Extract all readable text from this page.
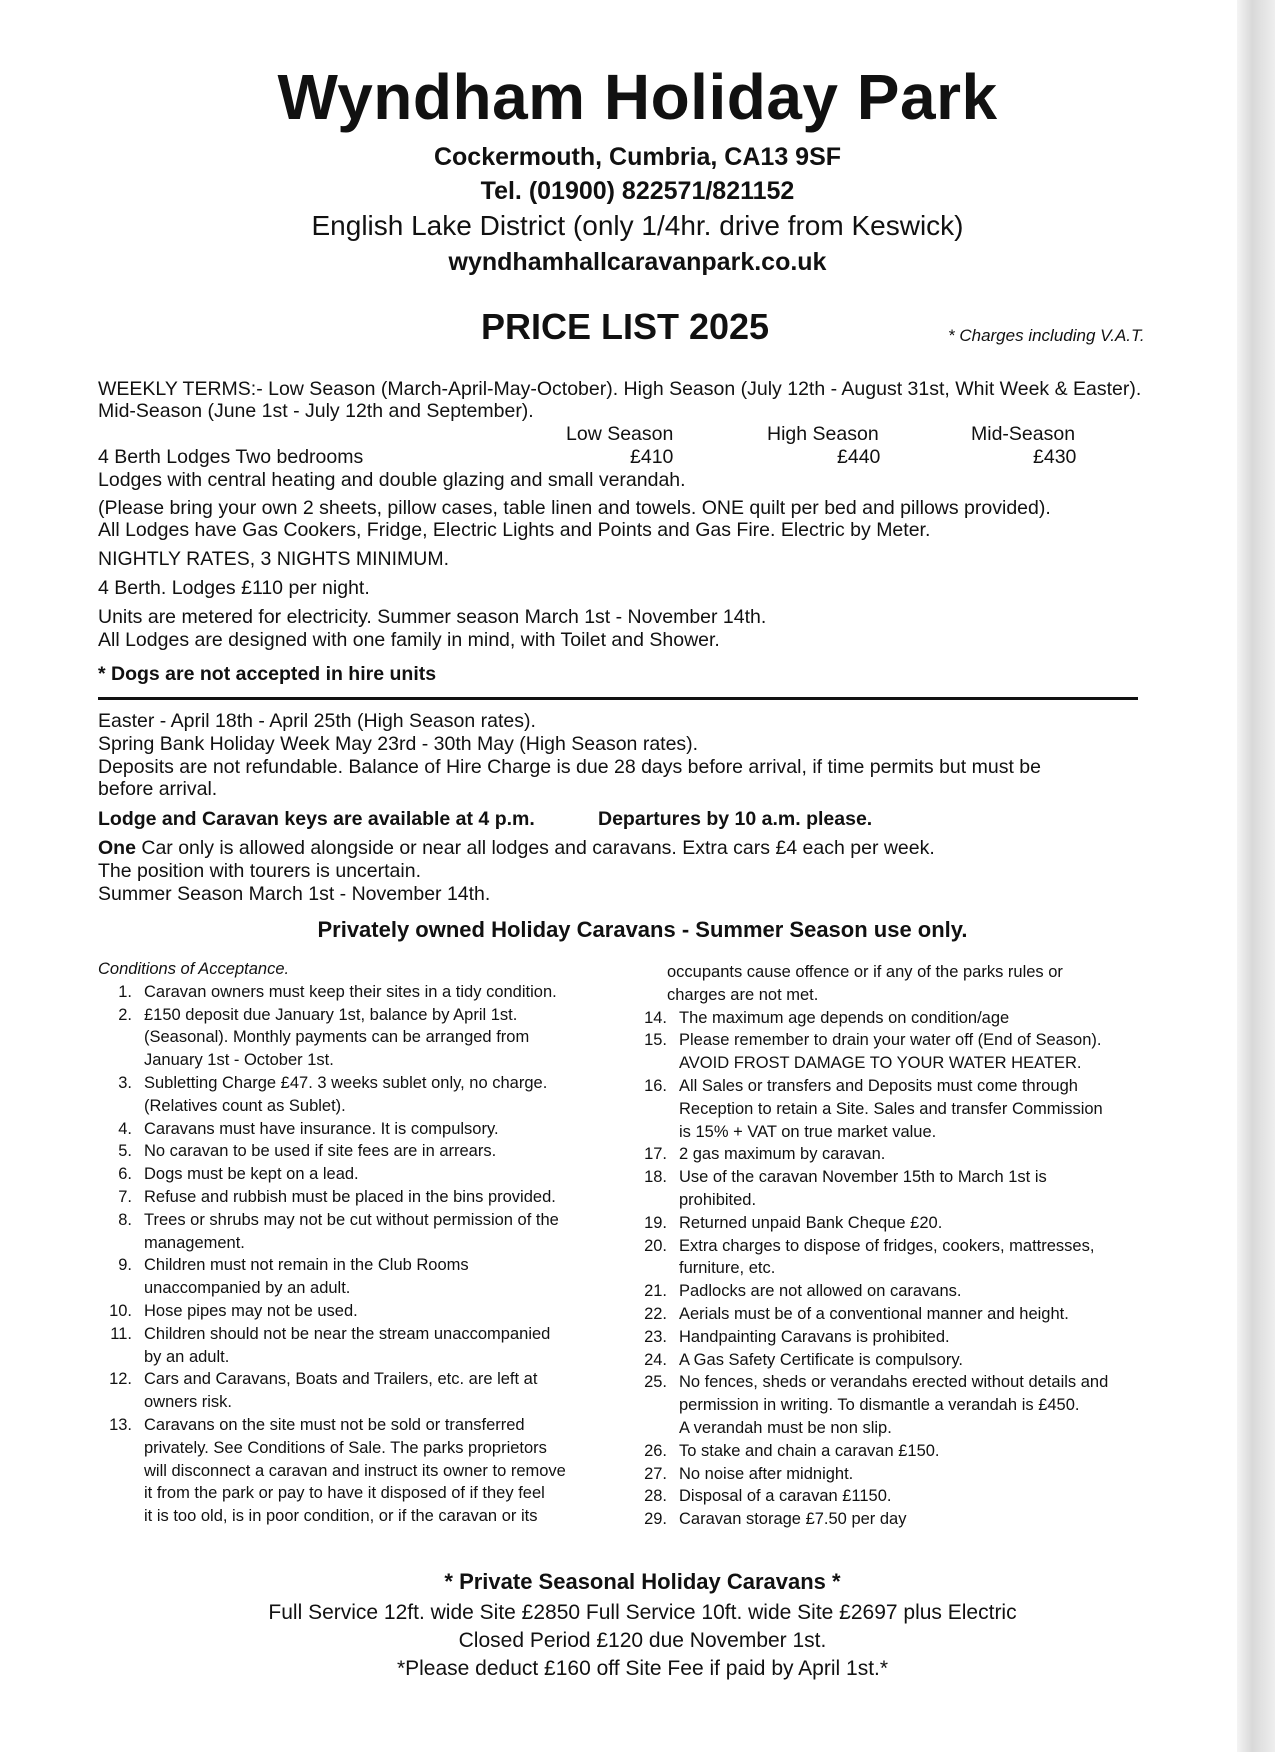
Wyndham Holiday Park
Cockermouth, Cumbria, CA13 9SF
Tel. (01900) 822571/821152
English Lake District (only 1/4hr. drive from Keswick)
wyndhamhallcaravanpark.co.uk
PRICE LIST 2025	* Charges including V.A.T.
WEEKLY TERMS:- Low Season (March-April-May-October). High Season (July 12th - August 31st, Whit Week & Easter).
Mid-Season (June 1st - July 12th and September).
Low Season	High Season	Mid-Season
4 Berth Lodges Two bedrooms	£410	£440	£430
Lodges with central heating and double glazing and small verandah.
(Please bring your own 2 sheets, pillow cases, table linen and towels. ONE quilt per bed and pillows provided).
All Lodges have Gas Cookers, Fridge, Electric Lights and Points and Gas Fire. Electric by Meter.
NIGHTLY RATES, 3 NIGHTS MINIMUM.
4 Berth. Lodges £110 per night.
Units are metered for electricity. Summer season March 1st - November 14th.
All Lodges are designed with one family in mind, with Toilet and Shower.
* Dogs are not accepted in hire units
Easter - April 18th - April 25th (High Season rates).
Spring Bank Holiday Week May 23rd - 30th May (High Season rates).
Deposits are not refundable. Balance of Hire Charge is due 28 days before arrival, if time permits but must be
before arrival.
Lodge and Caravan keys are available at 4 p.m.	Departures by 10 a.m. please.
One Car only is allowed alongside or near all lodges and caravans. Extra cars £4 each per week.
The position with tourers is uncertain.
Summer Season March 1st - November 14th.
Privately owned Holiday Caravans - Summer Season use only.
Conditions of Acceptance.
1. Caravan owners must keep their sites in a tidy condition.
2. £150 deposit due January 1st, balance by April 1st.
(Seasonal). Monthly payments can be arranged from
January 1st - October 1st.
3. Subletting Charge £47. 3 weeks sublet only, no charge.
(Relatives count as Sublet).
4. Caravans must have insurance. It is compulsory.
5. No caravan to be used if site fees are in arrears.
6. Dogs must be kept on a lead.
7. Refuse and rubbish must be placed in the bins provided.
8. Trees or shrubs may not be cut without permission of the
management.
9. Children must not remain in the Club Rooms
unaccompanied by an adult.
10. Hose pipes may not be used.
11. Children should not be near the stream unaccompanied
by an adult.
12. Cars and Caravans, Boats and Trailers, etc. are left at
owners risk.
13. Caravans on the site must not be sold or transferred
privately. See Conditions of Sale. The parks proprietors
will disconnect a caravan and instruct its owner to remove
it from the park or pay to have it disposed of if they feel
it is too old, is in poor condition, or if the caravan or its
occupants cause offence or if any of the parks rules or
charges are not met.
14. The maximum age depends on condition/age
15. Please remember to drain your water off (End of Season).
AVOID FROST DAMAGE TO YOUR WATER HEATER.
16. All Sales or transfers and Deposits must come through
Reception to retain a Site. Sales and transfer Commission
is 15% + VAT on true market value.
17. 2 gas maximum by caravan.
18. Use of the caravan November 15th to March 1st is
prohibited.
19. Returned unpaid Bank Cheque £20.
20. Extra charges to dispose of fridges, cookers, mattresses,
furniture, etc.
21. Padlocks are not allowed on caravans.
22. Aerials must be of a conventional manner and height.
23. Handpainting Caravans is prohibited.
24. A Gas Safety Certificate is compulsory.
25. No fences, sheds or verandahs erected without details and
permission in writing. To dismantle a verandah is £450.
A verandah must be non slip.
26. To stake and chain a caravan £150.
27. No noise after midnight.
28. Disposal of a caravan £1150.
29. Caravan storage £7.50 per day
* Private Seasonal Holiday Caravans *
Full Service 12ft. wide Site £2850 Full Service 10ft. wide Site £2697 plus Electric
Closed Period £120 due November 1st.
*Please deduct £160 off Site Fee if paid by April 1st.*
